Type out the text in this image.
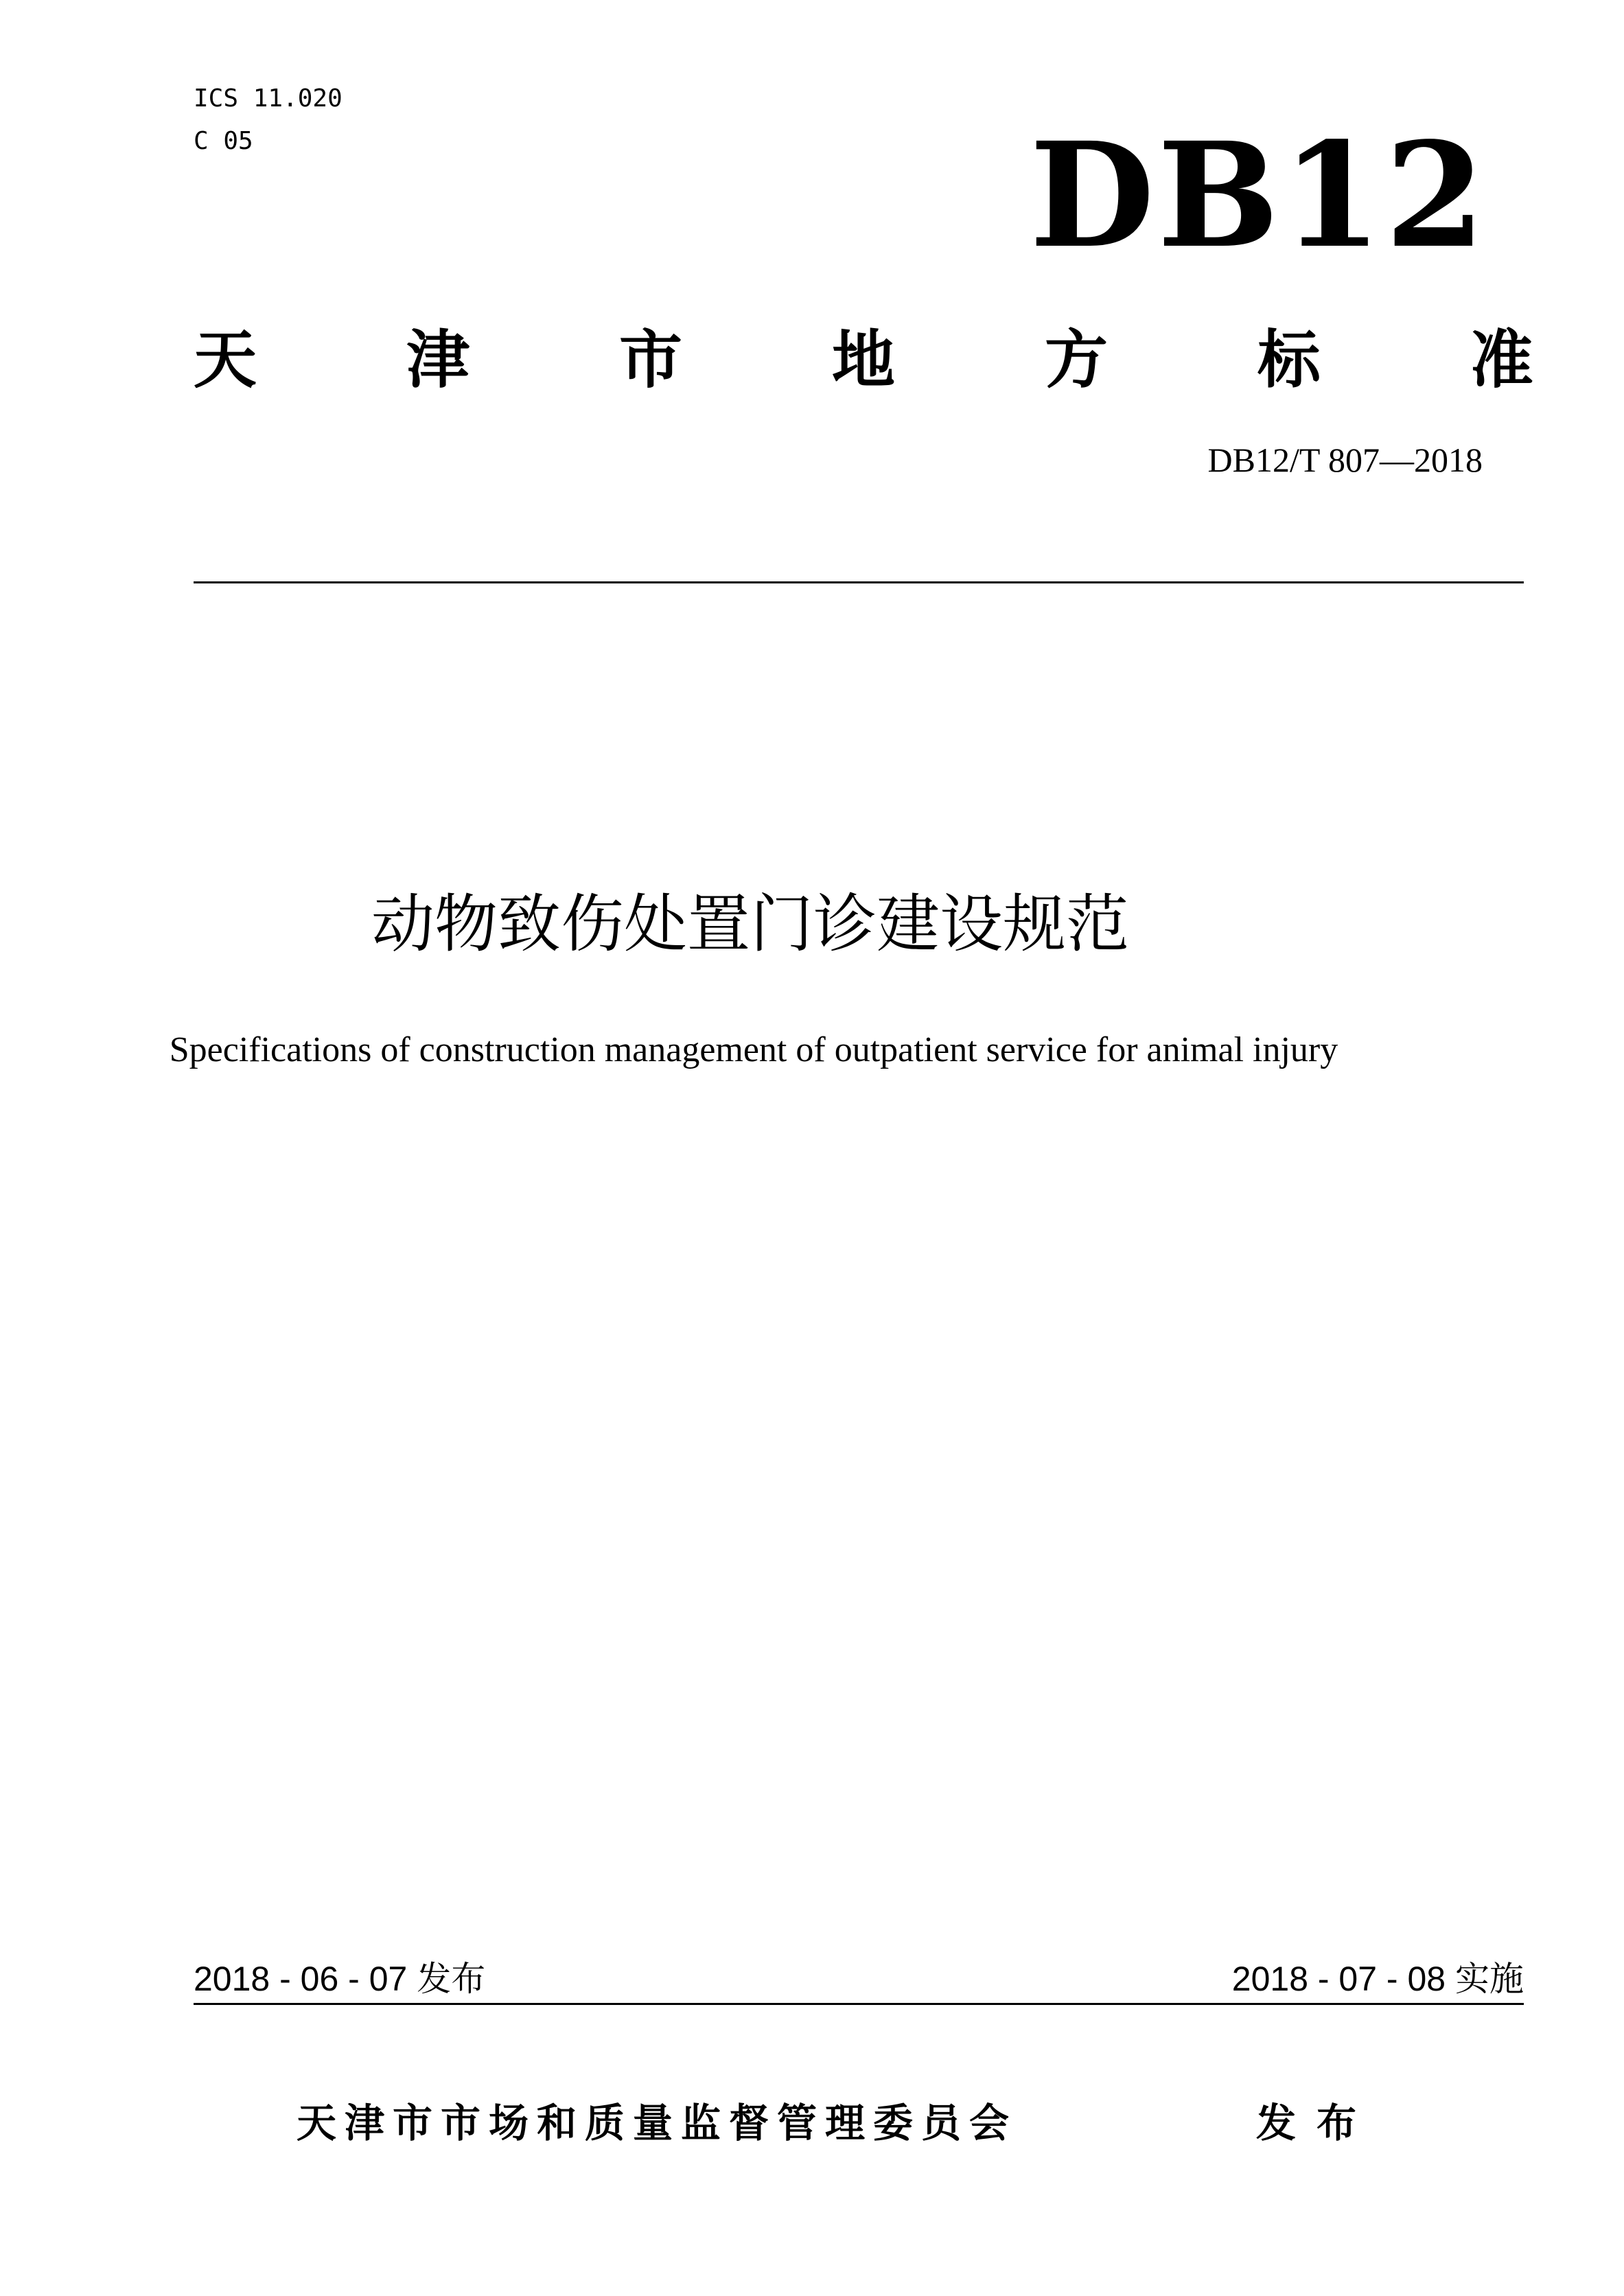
ICS 11.020
C 05	DB12
天 津 市 地 方 标 准
DB12/T 807—2018
动物致伤处置门诊建设规范
Specifications of construction management of outpatient service for animal injury
2018 - 06 - 07 发布	2018 - 07 - 08 实施
天津市市场和质量监督管理委员会	发布
